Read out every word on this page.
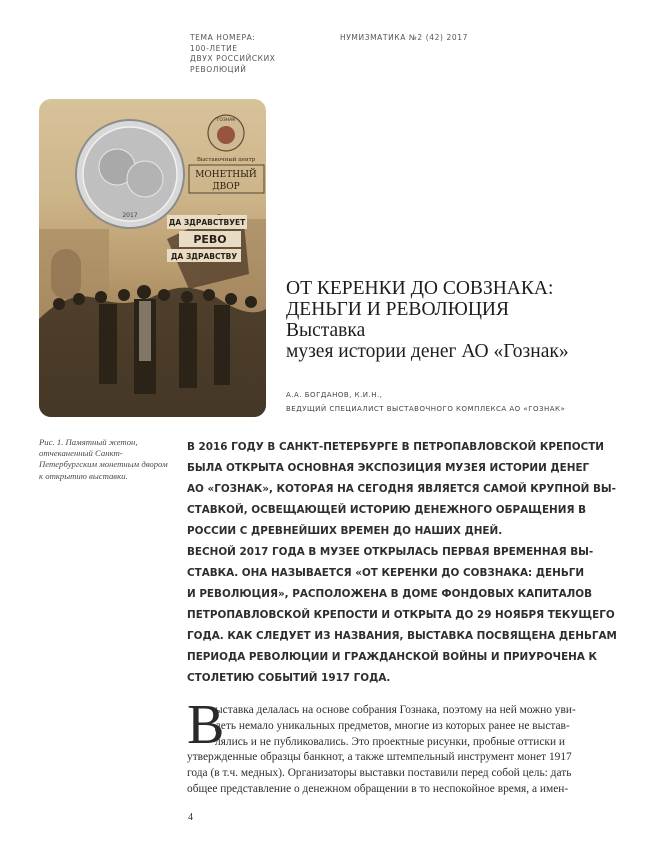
ТЕМА НОМЕРА:
100-ЛЕТИЕ
ДВУХ РОССИЙСКИХ
РЕВОЛЮЦИЙ
НУМИЗМАТИКА №2 (42) 2017
ДА ЗДРАВСТВУЕТ
РЕВО
ДА ЗДРАВСТВУ
2017
ГОЗНАК
Выставочный центр
МОНЕТНЫЙ
ДВОР
ОТ КЕРЕНКИ ДО СОВЗНАКА:
ДЕНЬГИ И РЕВОЛЮЦИЯ
Выставка
музея истории денег АО «Гознак»
А.А. БОГДАНОВ, К.И.Н.,
ВЕДУЩИЙ СПЕЦИАЛИСТ ВЫСТАВОЧНОГО КОМПЛЕКСА АО «ГОЗНАК»
Рис. 1. Памятный жетон,
отчеканенный Санкт-
Петербургским монетным двором
к открытию выставки.
В 2016 ГОДУ В САНКТ-ПЕТЕРБУРГЕ В ПЕТРОПАВЛОВСКОЙ КРЕПОСТИ
БЫЛА ОТКРЫТА ОСНОВНАЯ ЭКСПОЗИЦИЯ МУЗЕЯ ИСТОРИИ ДЕНЕГ
АО «ГОЗНАК», КОТОРАЯ НА СЕГОДНЯ ЯВЛЯЕТСЯ САМОЙ КРУПНОЙ ВЫ-
СТАВКОЙ, ОСВЕЩАЮЩЕЙ ИСТОРИЮ ДЕНЕЖНОГО ОБРАЩЕНИЯ В
РОССИИ С ДРЕВНЕЙШИХ ВРЕМЕН ДО НАШИХ ДНЕЙ.
ВЕСНОЙ 2017 ГОДА В МУЗЕЕ ОТКРЫЛАСЬ ПЕРВАЯ ВРЕМЕННАЯ ВЫ-
СТАВКА. ОНА НАЗЫВАЕТСЯ «ОТ КЕРЕНКИ ДО СОВЗНАКА: ДЕНЬГИ
И РЕВОЛЮЦИЯ», РАСПОЛОЖЕНА В ДОМЕ ФОНДОВЫХ КАПИТАЛОВ
ПЕТРОПАВЛОВСКОЙ КРЕПОСТИ И ОТКРЫТА ДО 29 НОЯБРЯ ТЕКУЩЕГО
ГОДА. КАК СЛЕДУЕТ ИЗ НАЗВАНИЯ, ВЫСТАВКА ПОСВЯЩЕНА ДЕНЬГАМ
ПЕРИОДА РЕВОЛЮЦИИ И ГРАЖДАНСКОЙ ВОЙНЫ И ПРИУРОЧЕНА К
СТОЛЕТИЮ СОБЫТИЙ 1917 ГОДА.
В
ыставка делалась на основе собрания Гознака, поэтому на ней можно уви-
деть немало уникальных предметов, многие из которых ранее не выстав-
лялись и не публиковались. Это проектные рисунки, пробные оттиски и
утвержденные образцы банкнот, а также штемпельный инструмент монет 1917
года (в т.ч. медных). Организаторы выставки поставили перед собой цель: дать
общее представление о денежном обращении в то неспокойное время, а имен-
4
